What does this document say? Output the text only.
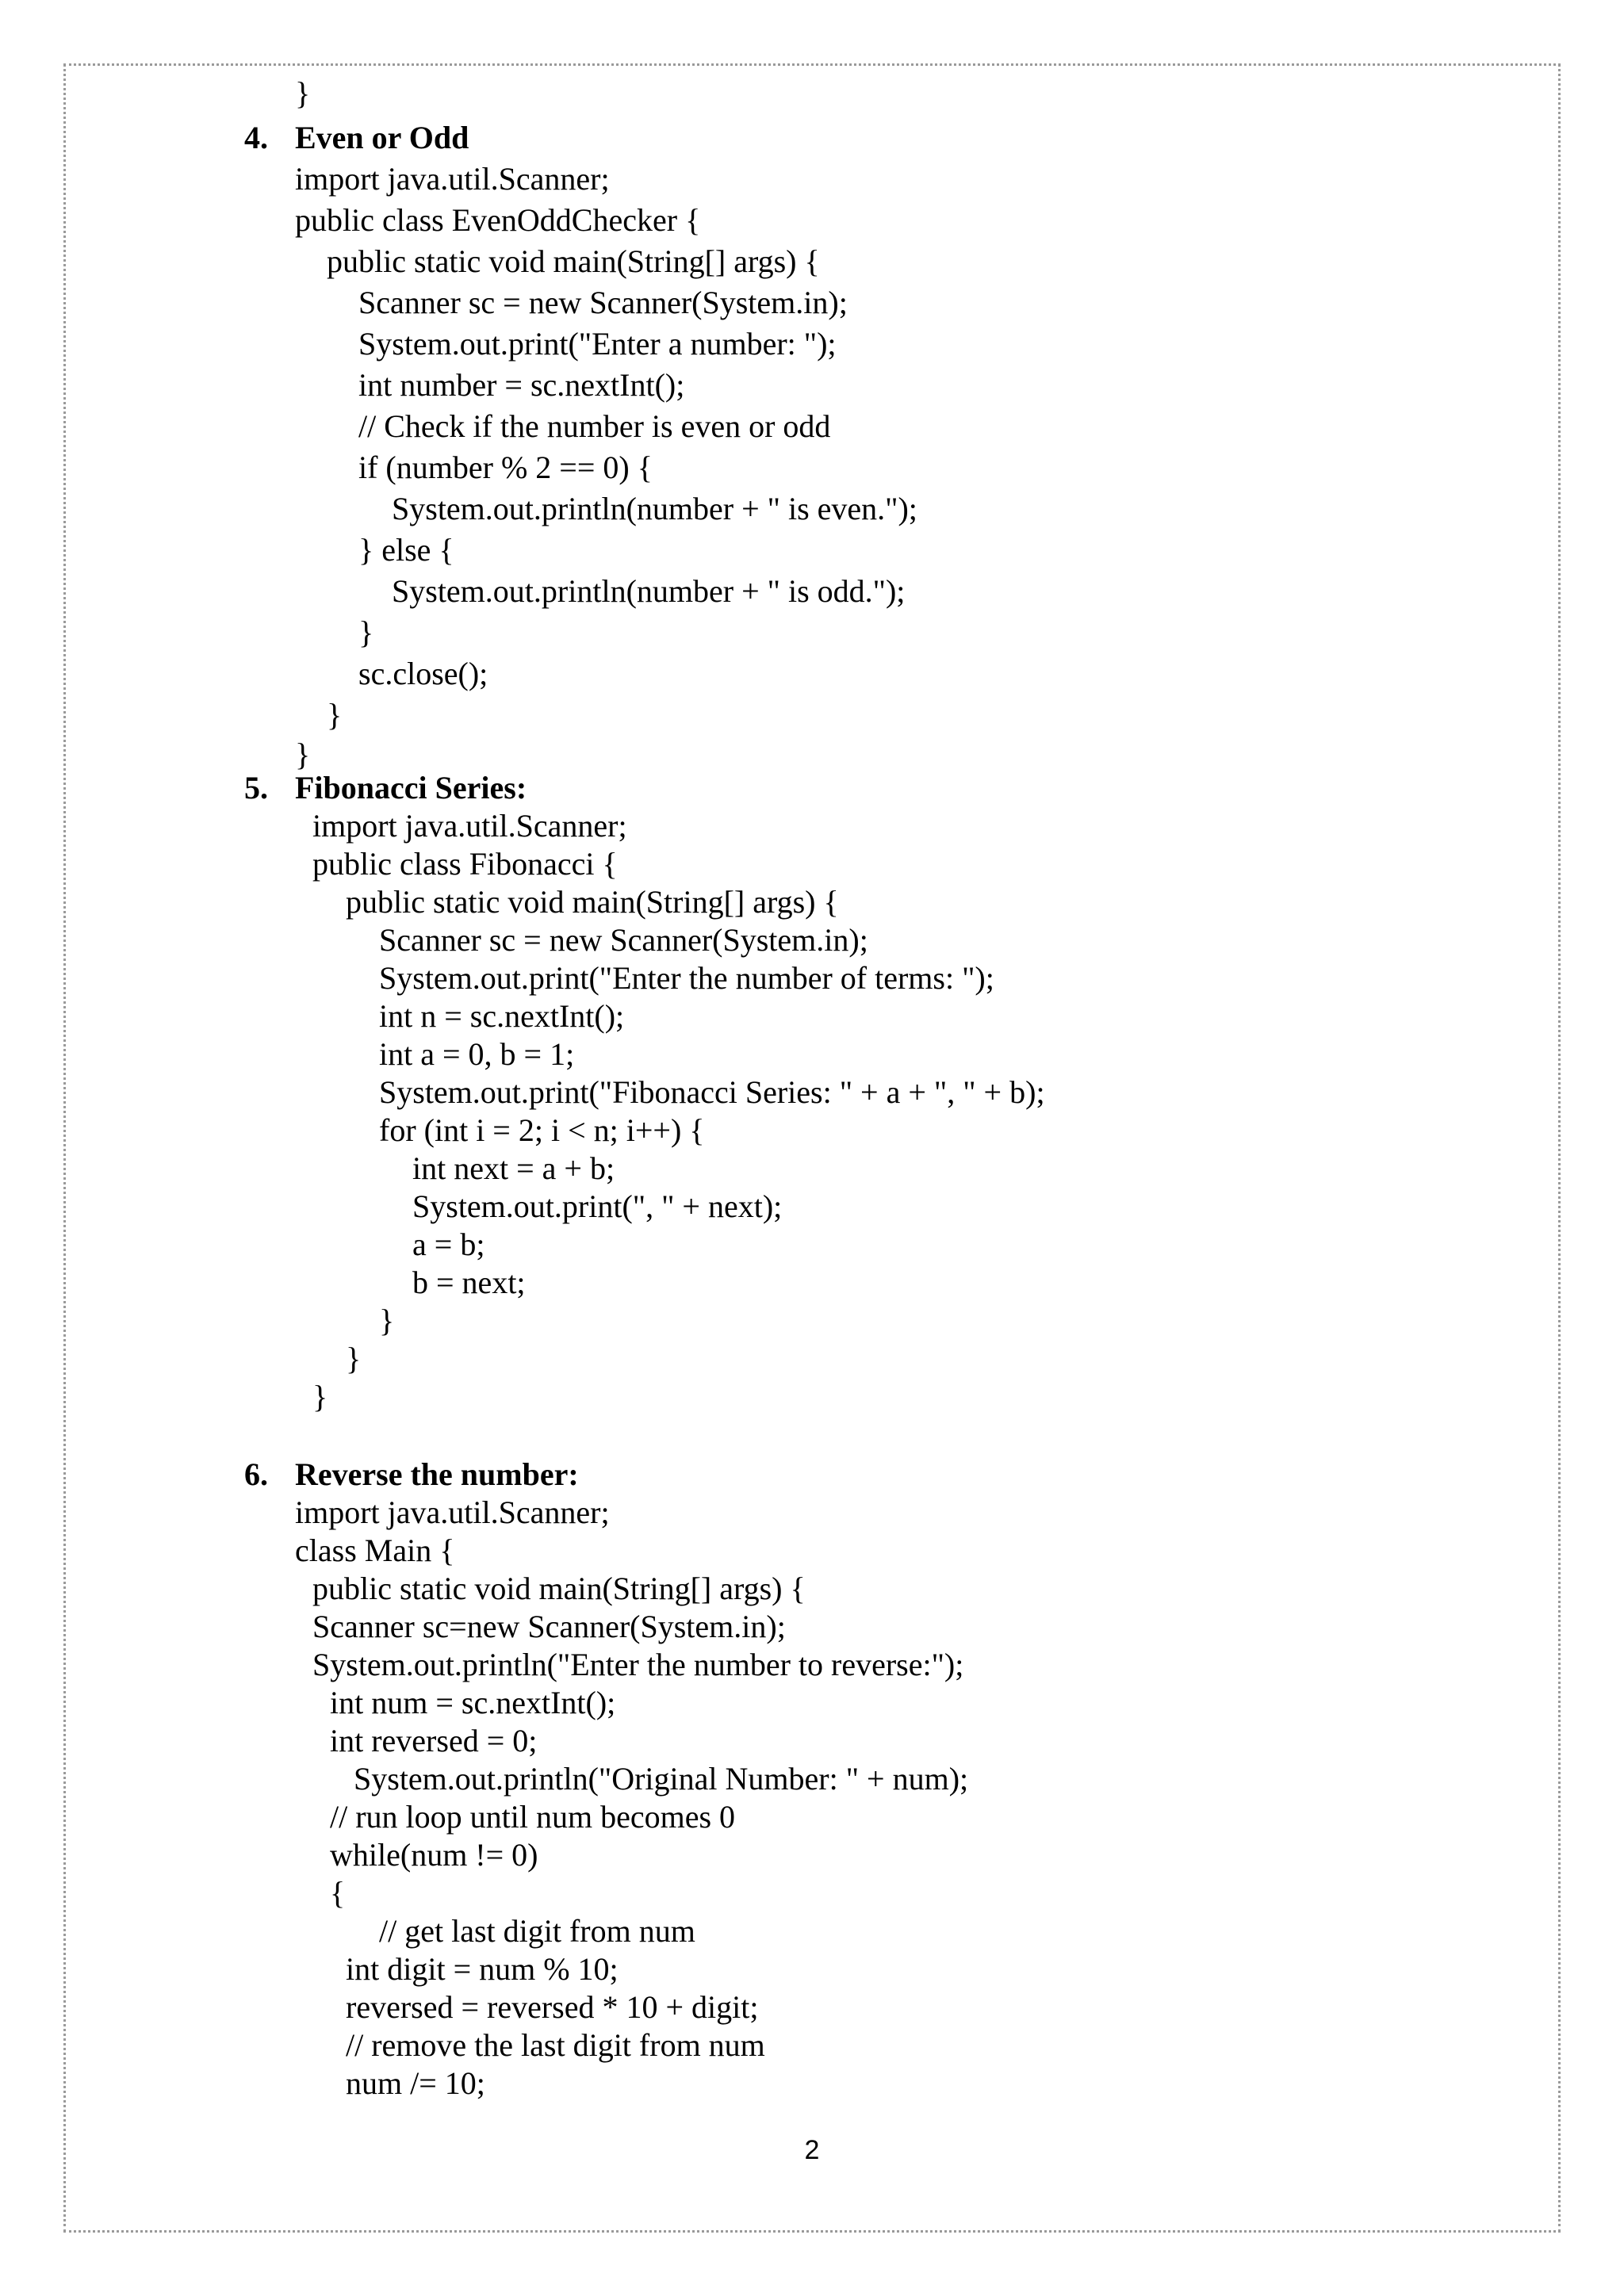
}
4. Even or Odd
import java.util.Scanner;
public class EvenOddChecker {
public static void main(String[] args) {
Scanner sc = new Scanner(System.in);
System.out.print("Enter a number: ");
int number = sc.nextInt();
// Check if the number is even or odd
if (number % 2 == 0) {
System.out.println(number + " is even.");
} else {
System.out.println(number + " is odd.");
}
sc.close();
}
}
5. Fibonacci Series:
import java.util.Scanner;
public class Fibonacci {
public static void main(String[] args) {
Scanner sc = new Scanner(System.in);
System.out.print("Enter the number of terms: ");
int n = sc.nextInt();
int a = 0, b = 1;
System.out.print("Fibonacci Series: " + a + ", " + b);
for (int i = 2; i < n; i++) {
int next = a + b;
System.out.print(", " + next);
a = b;
b = next;
}
}
}
6. Reverse the number:
import java.util.Scanner;
class Main {
public static void main(String[] args) {
Scanner sc=new Scanner(System.in);
System.out.println("Enter the number to reverse:");
int num = sc.nextInt();
int reversed = 0;
System.out.println("Original Number: " + num);
// run loop until num becomes 0
while(num != 0)
{
// get last digit from num
int digit = num % 10;
reversed = reversed * 10 + digit;
// remove the last digit from num
num /= 10;
2
